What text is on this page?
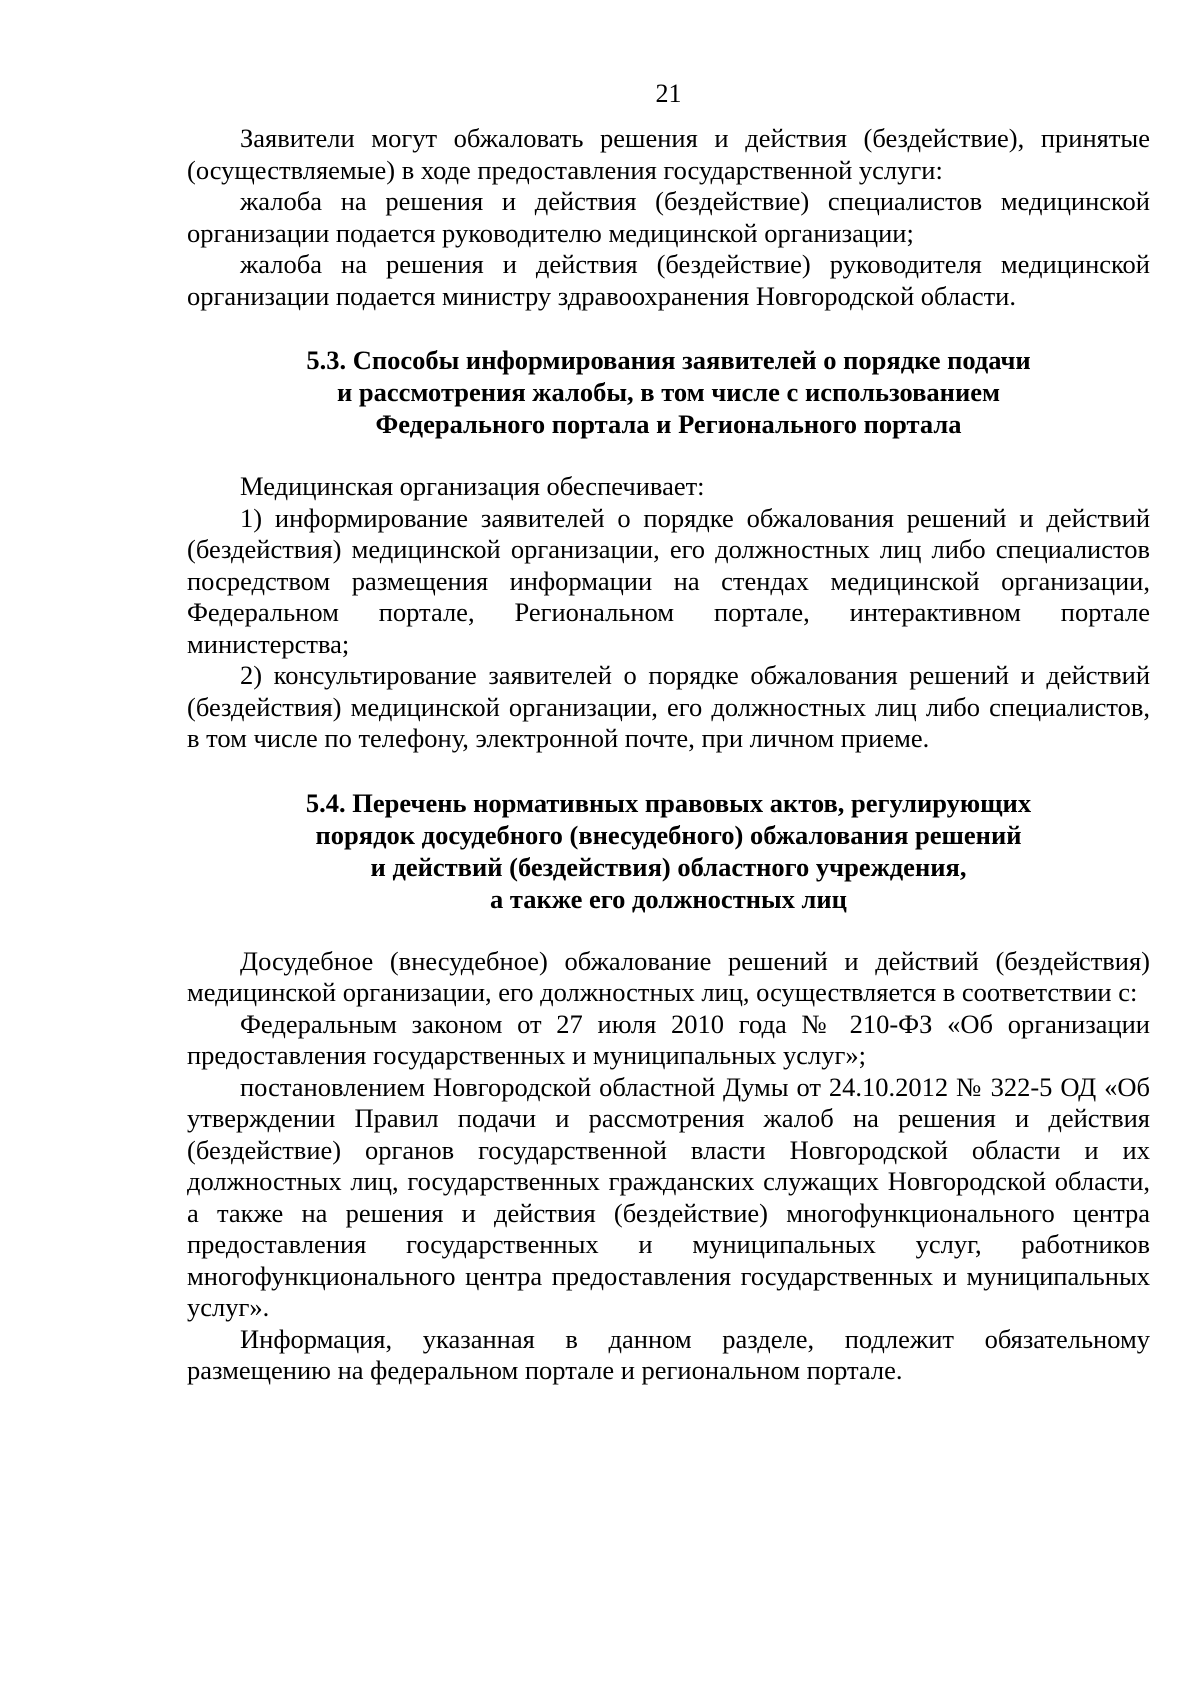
21

Заявители могут обжаловать решения и действия (бездействие), принятые (осуществляемые) в ходе предоставления государственной услуги:

жалоба на решения и действия (бездействие) специалистов медицинской организации подается руководителю медицинской организации;

жалоба на решения и действия (бездействие) руководителя медицинской организации подается министру здравоохранения Новгородской области.

5.3. Способы информирования заявителей о порядке подачи
и рассмотрения жалобы, в том числе с использованием
Федерального портала и Регионального портала

Медицинская организация обеспечивает:

1) информирование заявителей о порядке обжалования решений и действий (бездействия) медицинской организации, его должностных лиц либо специалистов посредством размещения информации на стендах медицинской организации, Федеральном портале, Региональном портале, интерактивном портале министерства;

2) консультирование заявителей о порядке обжалования решений и действий (бездействия) медицинской организации, его должностных лиц либо специалистов, в том числе по телефону, электронной почте, при личном приеме.

5.4. Перечень нормативных правовых актов, регулирующих
порядок досудебного (внесудебного) обжалования решений
и действий (бездействия) областного учреждения,
а также его должностных лиц

Досудебное (внесудебное) обжалование решений и действий (бездействия) медицинской организации, его должностных лиц, осуществляется в соответствии с:

Федеральным законом от 27 июля 2010 года № 210-ФЗ «Об организации предоставления государственных и муниципальных услуг»;

постановлением Новгородской областной Думы от 24.10.2012 № 322-5 ОД «Об утверждении Правил подачи и рассмотрения жалоб на решения и действия (бездействие) органов государственной власти Новгородской области и их должностных лиц, государственных гражданских служащих Новгородской области, а также на решения и действия (бездействие) многофункционального центра предоставления государственных и муниципальных услуг, работников многофункционального центра предоставления государственных и муниципальных услуг».

Информация, указанная в данном разделе, подлежит обязательному размещению на федеральном портале и региональном портале.
